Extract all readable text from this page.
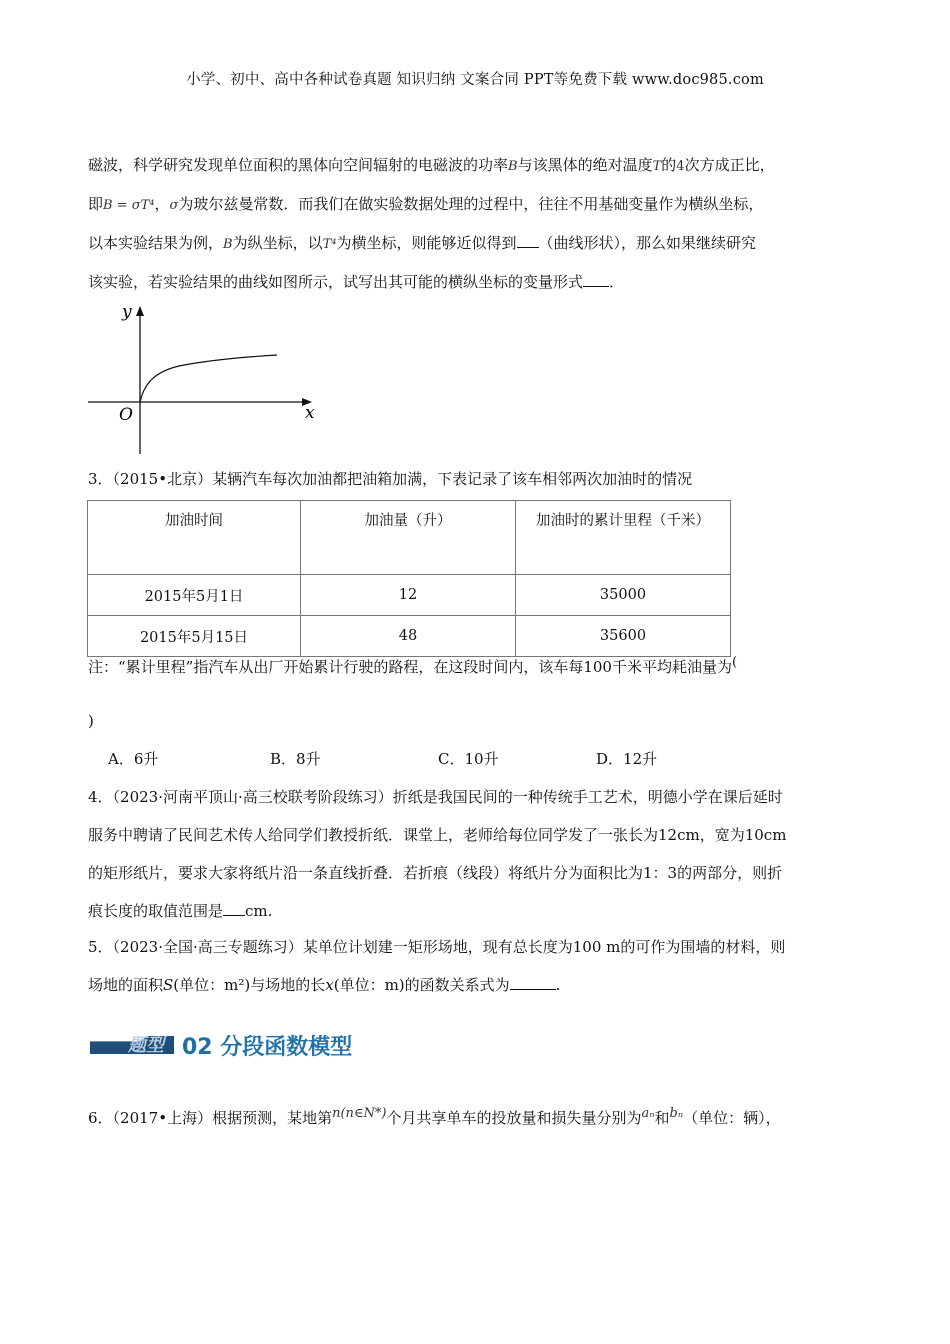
小学、初中、高中各种试卷真题 知识归纳 文案合同 PPT等免费下载 www.doc985.com
磁波，科学研究发现单位面积的黑体向空间辐射的电磁波的功率B与该黑体的绝对温度T的4次方成正比，
即B = σT⁴，σ为玻尔兹曼常数．而我们在做实验数据处理的过程中，往往不用基础变量作为横纵坐标，
以本实验结果为例，B为纵坐标，以T⁴为横坐标，则能够近似得到 （曲线形状），那么如果继续研究
该实验，若实验结果的曲线如图所示，试写出其可能的横纵坐标的变量形式 ．
y
x
O
3．（2015•北京）某辆汽车每次加油都把油箱加满，下表记录了该车相邻两次加油时的情况
加油时间	加油量（升）	加油时的累计里程（千米）
2015年5月1日	12	35000
2015年5月15日	48	35600
注：“累计里程”指汽车从出厂开始累计行驶的路程，在这段时间内，该车每100千米平均耗油量为(
)
A．6升	B．8升	C．10升	D．12升
4．（2023·河南平顶山·高三校联考阶段练习）折纸是我国民间的一种传统手工艺术，明德小学在课后延时
服务中聘请了民间艺术传人给同学们教授折纸．课堂上，老师给每位同学发了一张长为12cm，宽为10cm
的矩形纸片，要求大家将纸片沿一条直线折叠．若折痕（线段）将纸片分为面积比为1：3的两部分，则折
痕长度的取值范围是 cm.
5．（2023·全国·高三专题练习）某单位计划建一矩形场地，现有总长度为100 m的可作为围墙的材料，则
场地的面积S(单位：m²)与场地的长x(单位：m)的函数关系式为	.
题型 02 分段函数模型
6．（2017•上海）根据预测，某地第n(n∈N*)个月共享单车的投放量和损失量分别为aₙ和bₙ（单位：辆），
